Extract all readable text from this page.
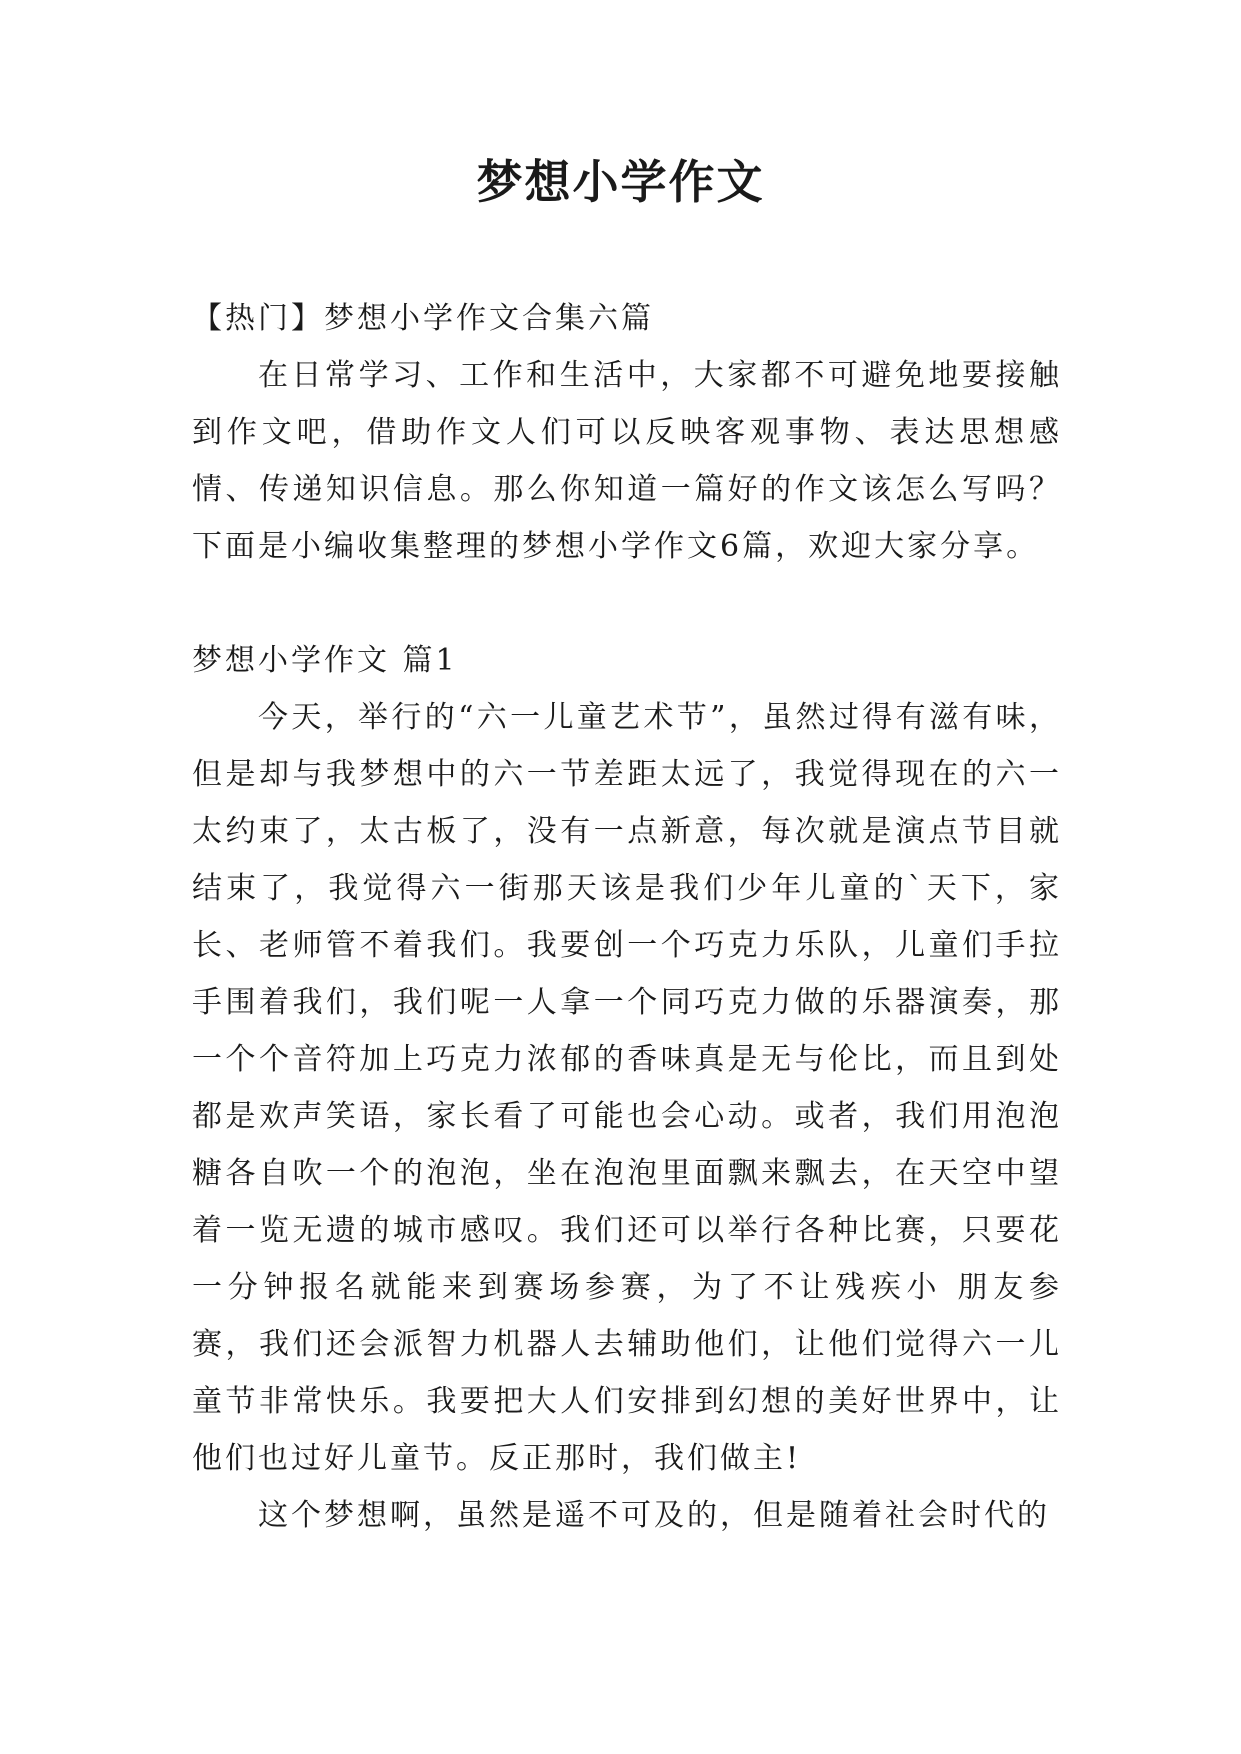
梦想小学作文

【热门】梦想小学作文合集六篇

在日常学习、工作和生活中，大家都不可避免地要接触到作文吧，借助作文人们可以反映客观事物、表达思想感情、传递知识信息。那么你知道一篇好的作文该怎么写吗？下面是小编收集整理的梦想小学作文6篇，欢迎大家分享。

梦想小学作文 篇1

今天，举行的“六一儿童艺术节”，虽然过得有滋有味，但是却与我梦想中的六一节差距太远了，我觉得现在的六一太约束了，太古板了，没有一点新意，每次就是演点节目就结束了，我觉得六一街那天该是我们少年儿童的`天下，家长、老师管不着我们。我要创一个巧克力乐队，儿童们手拉手围着我们，我们呢一人拿一个同巧克力做的乐器演奏，那一个个音符加上巧克力浓郁的香味真是无与伦比，而且到处都是欢声笑语，家长看了可能也会心动。或者，我们用泡泡糖各自吹一个的泡泡，坐在泡泡里面飘来飘去，在天空中望着一览无遗的城市感叹。我们还可以举行各种比赛，只要花一分钟报名就能来到赛场参赛，为了不让残疾小 朋友参赛，我们还会派智力机器人去辅助他们，让他们觉得六一儿童节非常快乐。我要把大人们安排到幻想的美好世界中，让他们也过好儿童节。反正那时，我们做主!

这个梦想啊，虽然是遥不可及的，但是随着社会时代的
